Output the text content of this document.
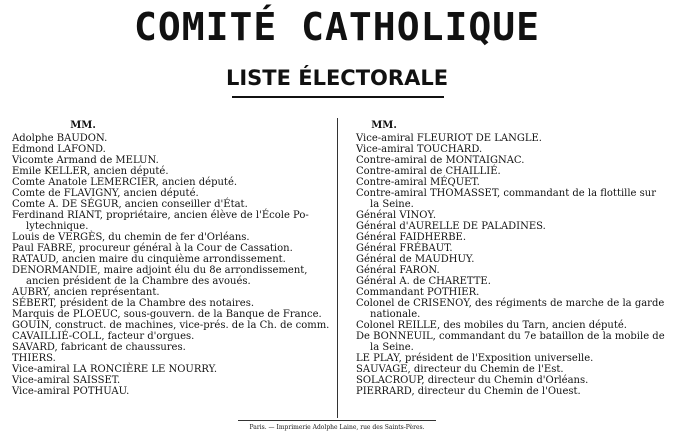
COMITÉ CATHOLIQUE
LISTE ÉLECTORALE
MM.
Adolphe BAUDON.
Edmond LAFOND.
Vicomte Armand de MELUN.
Emile KELLER, ancien député.
Comte Anatole LEMERCIER, ancien député.
Comte de FLAVIGNY, ancien député.
Comte A. DE SÉGUR, ancien conseiller d'État.
Ferdinand RIANT, propriétaire, ancien élève de l'École Po-
lytechnique.
Louis de VERGÈS, du chemin de fer d'Orléans.
Paul FABRE, procureur général à la Cour de Cassation.
RATAUD, ancien maire du cinquième arrondissement.
DENORMANDIE, maire adjoint élu du 8e arrondissement,
ancien président de la Chambre des avoués.
AUBRY, ancien représentant.
SÉBERT, président de la Chambre des notaires.
Marquis de PLOEUC, sous-gouvern. de la Banque de France.
GOUIN, construct. de machines, vice-prés. de la Ch. de comm.
CAVAILLIÉ-COLL, facteur d'orgues.
SAVARD, fabricant de chaussures.
THIERS.
Vice-amiral LA RONCIÈRE LE NOURRY.
Vice-amiral SAISSET.
Vice-amiral POTHUAU.
MM.
Vice-amiral FLEURIOT DE LANGLE.
Vice-amiral TOUCHARD.
Contre-amiral de MONTAIGNAC.
Contre-amiral de CHAILLIÉ.
Contre-amiral MÉQUET.
Contre-amiral THOMASSET, commandant de la flottille sur
la Seine.
Général VINOY.
Général d'AURELLE DE PALADINES.
Général FAIDHERBE.
Général FRÉBAUT.
Général de MAUDHUY.
Général FARON.
Général A. de CHARETTE.
Commandant POTHIER.
Colonel de CRISENOY, des régiments de marche de la garde
nationale.
Colonel REILLE, des mobiles du Tarn, ancien député.
De BONNEUIL, commandant du 7e bataillon de la mobile de
la Seine.
LE PLAY, président de l'Exposition universelle.
SAUVAGE, directeur du Chemin de l'Est.
SOLACROUP, directeur du Chemin d'Orléans.
PIERRARD, directeur du Chemin de l'Ouest.
Paris. — Imprimerie Adolphe Laine, rue des Saints-Pères.
